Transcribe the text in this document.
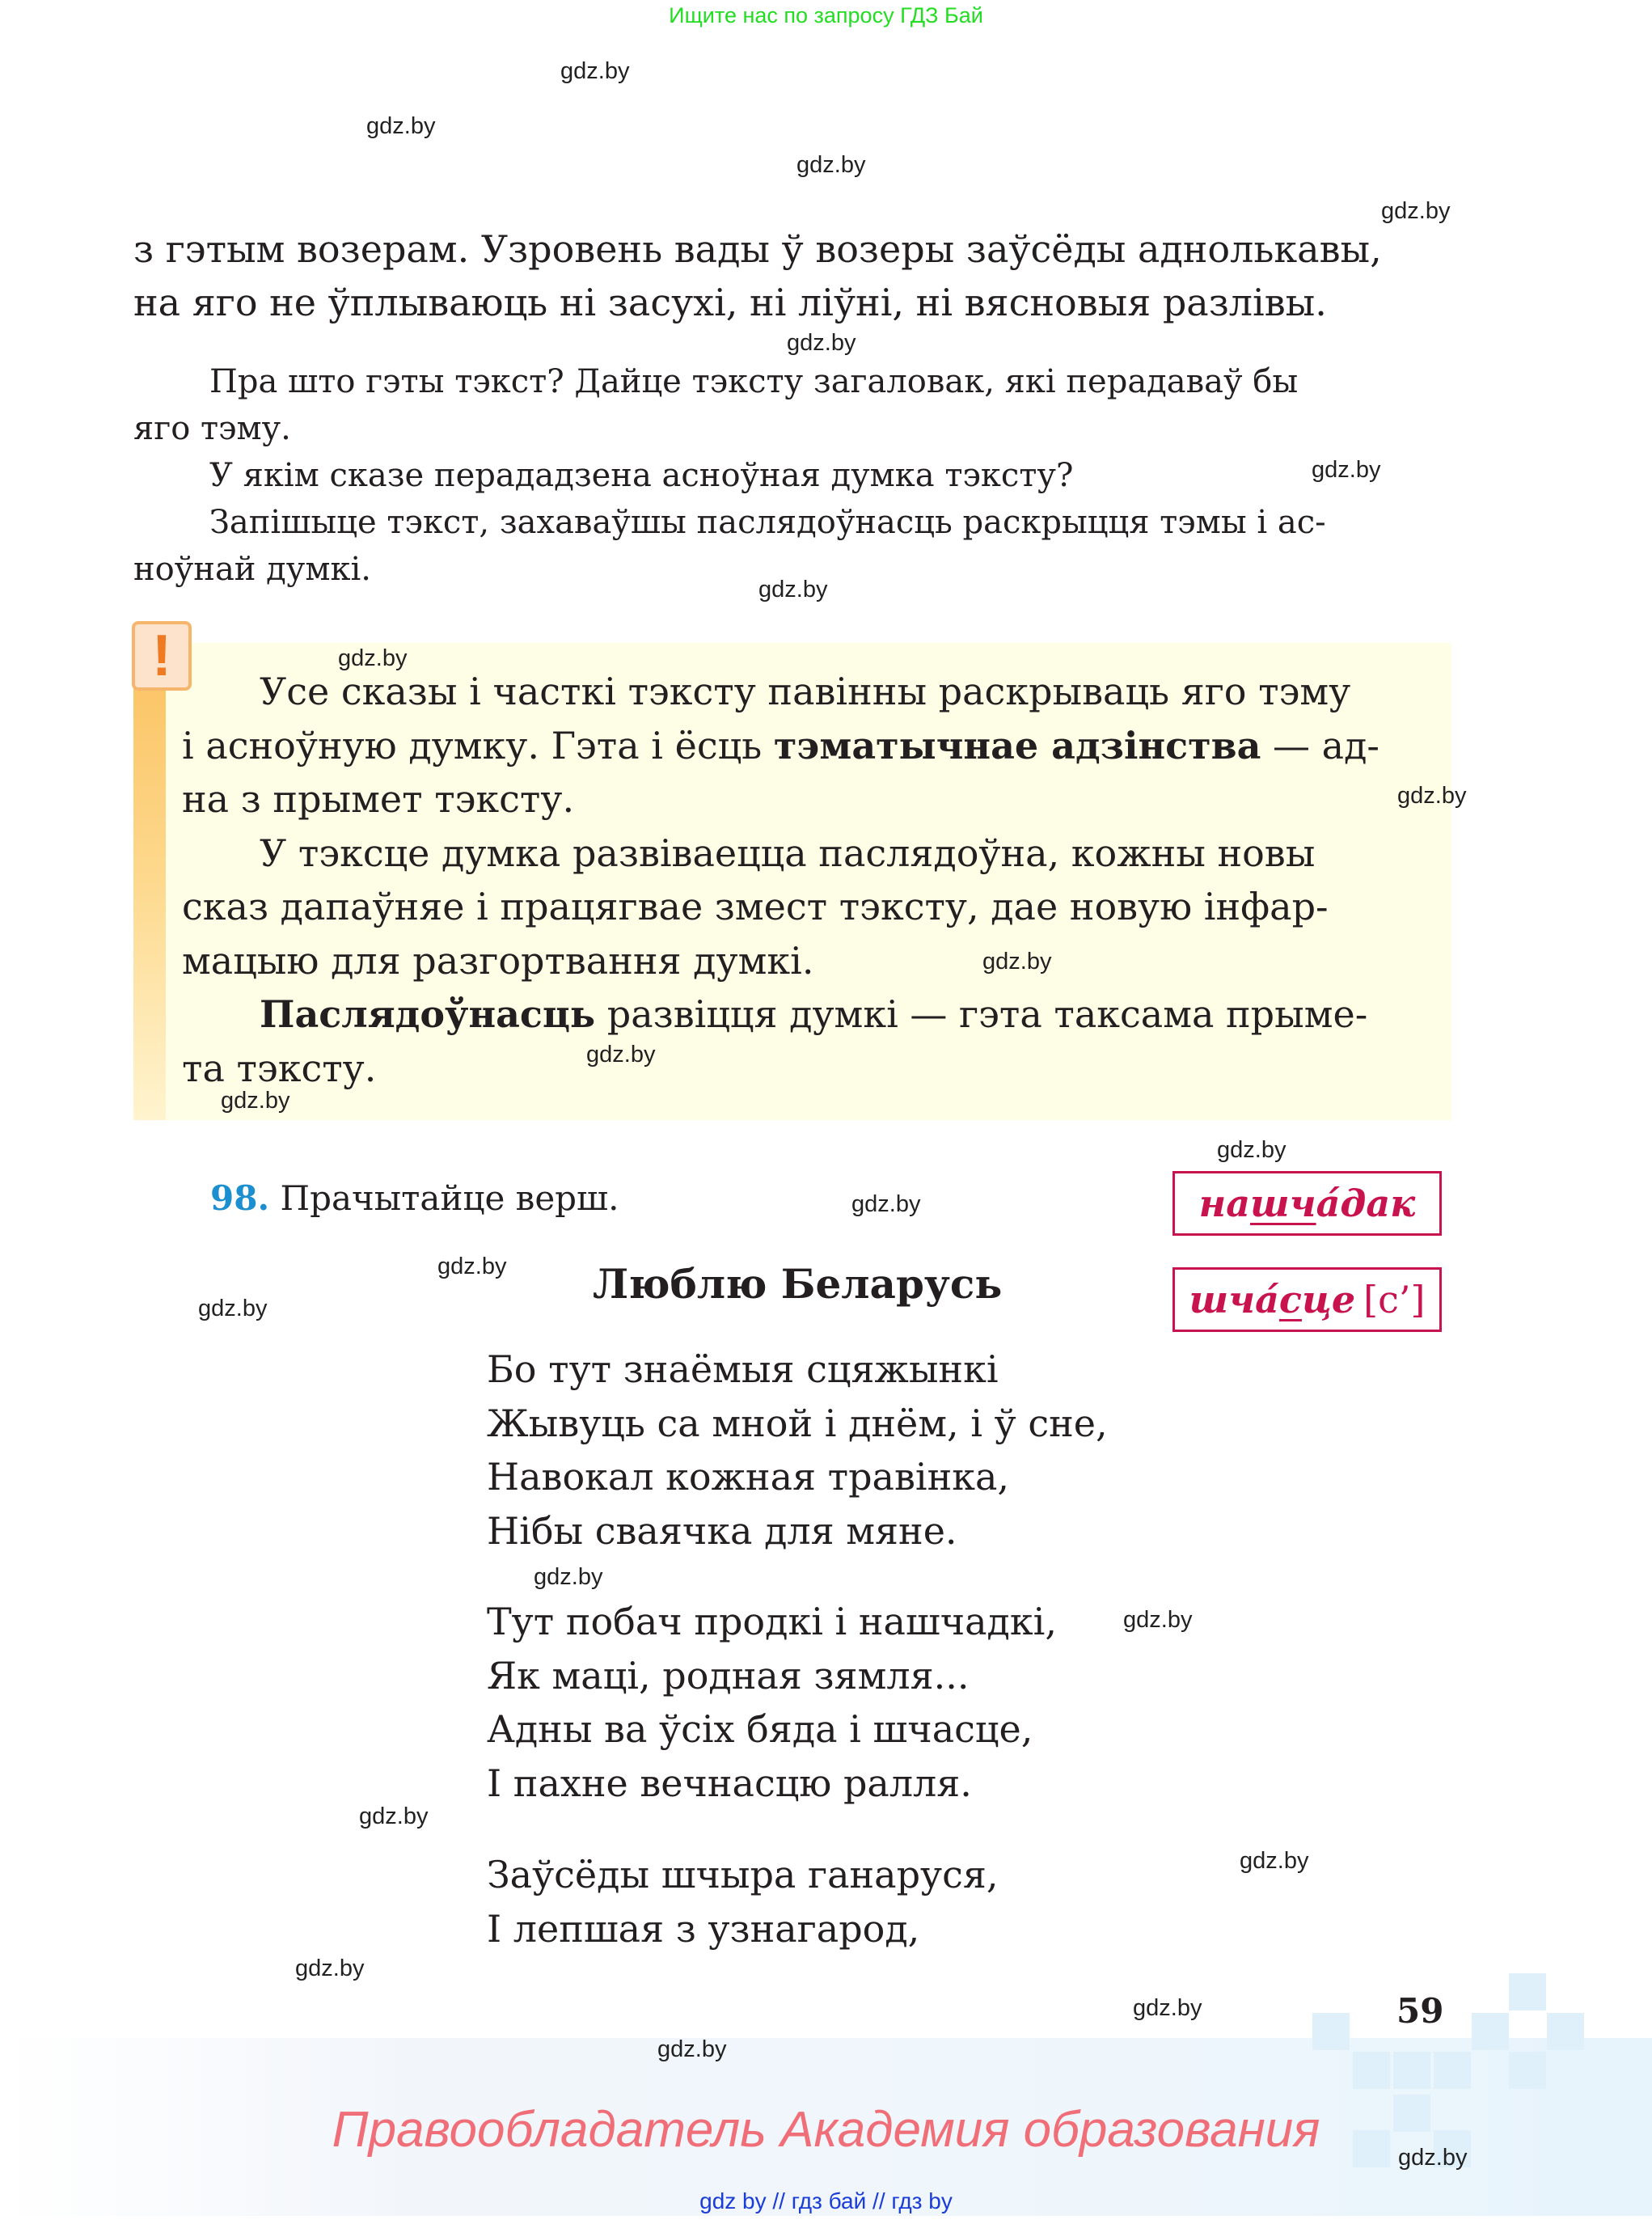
Ищите нас по запросу ГДЗ Бай
gdz.by
gdz.by
gdz.by
gdz.by
gdz.by
gdz.by
gdz.by
з гэтым возерам. Узровень вады ў возеры заўсёды аднолькавы,
на яго не ўплываюць ні засухі, ні ліўні, ні вясновыя разлівы.
Пра што гэты тэкст? Дайце тэксту загаловак, які перадаваў бы
яго тэму.
У якім сказе перададзена асноўная думка тэксту?
Запішыце тэкст, захаваўшы паслядоўнасць раскрыцця тэмы і ас-
ноўнай думкі.
!	gdz.by
Усе сказы і часткі тэксту павінны раскрываць яго тэму
і асноўную думку. Гэта і ёсць тэматычнае адзінства — ад-
на з прымет тэксту.
У тэксце думка развіваецца паслядоўна, кожны новы
сказ дапаўняе і працягвае змест тэксту, дае новую інфар-
мацыю для разгортвання думкі.
Паслядоўнасць развіцця думкі — гэта таксама прыме-
та тэксту.
gdz.by
gdz.by
gdz.by
gdz.by
gdz.by
98. Прачытайце верш.	gdz.by	на шч а́дак
шча́ с це [с’]
gdz.by
gdz.by
Люблю Беларусь
Бо тут знаёмыя сцяжынкі
Жывуць са мной і днём, і ў сне,
Навокал кожная травінка,
Нібы сваячка для мяне.
gdz.by
Тут побач продкі і нашчадкі,
Як маці, родная зямля...
Адны ва ўсіх бяда і шчасце,
І пахне вечнасцю ралля.
gdz.by
gdz.by
Заўсёды шчыра ганаруся,
І лепшая з узнагарод,
gdz.by
gdz.by
59
gdz.by
gdz.by
gdz.by
Правообладатель Академия образования
gdz by // гдз бай // гдз by
